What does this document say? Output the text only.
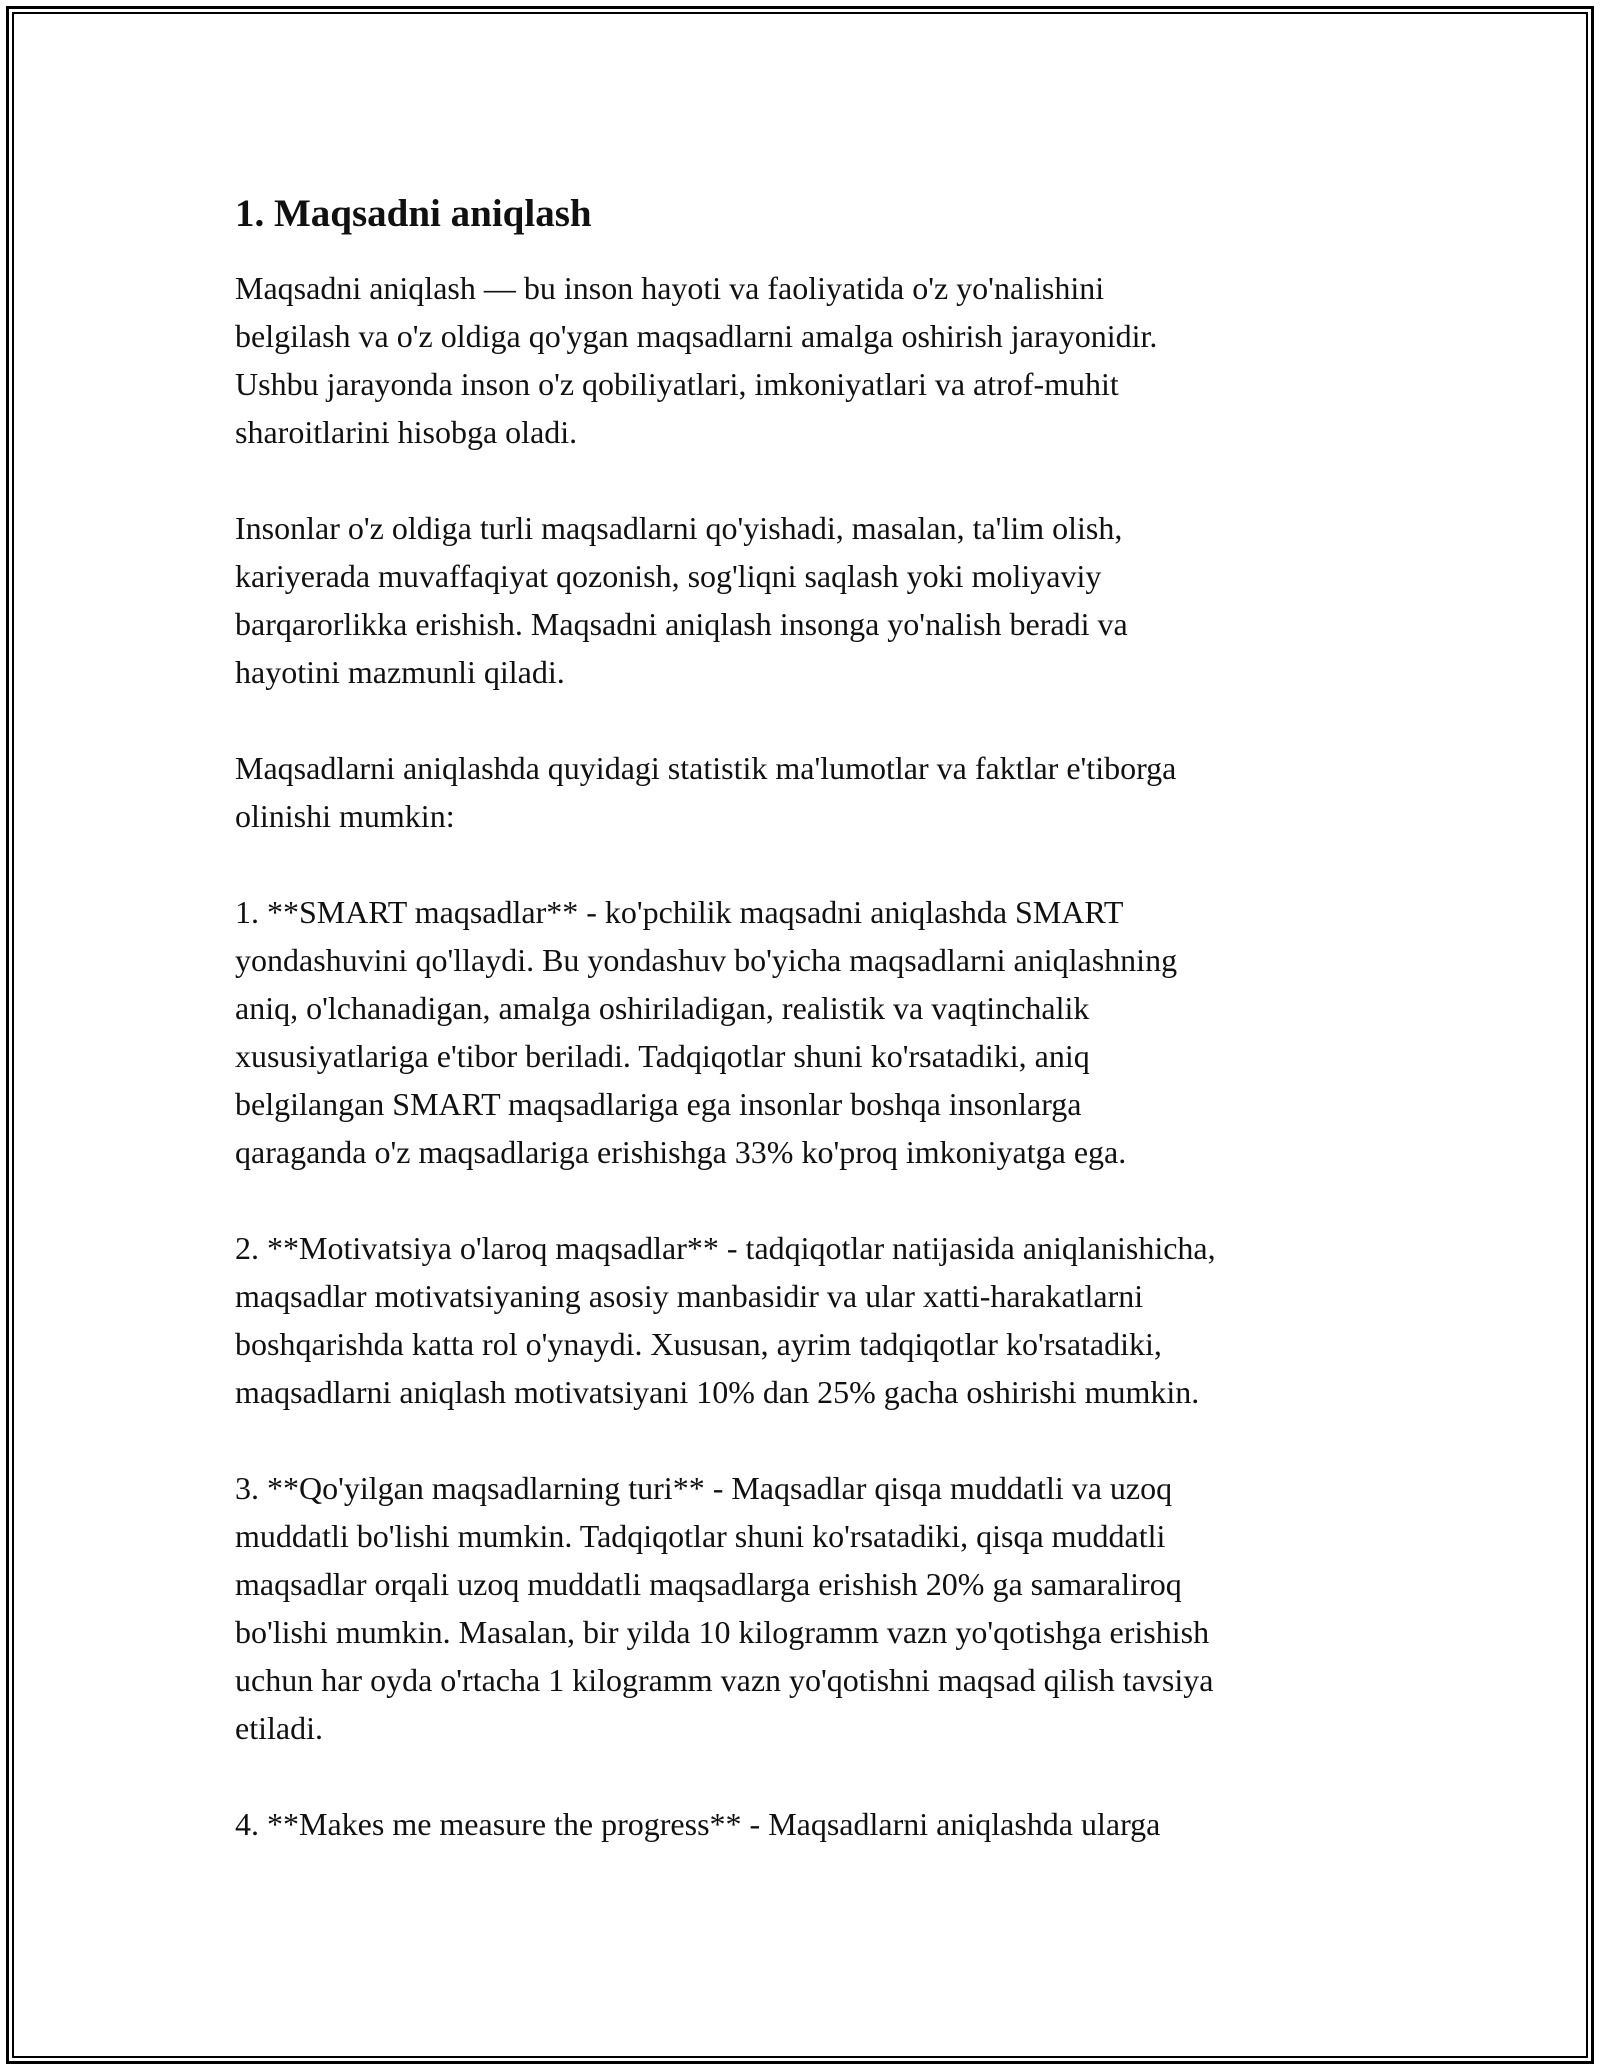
1. Maqsadni aniqlash

Maqsadni aniqlash — bu inson hayoti va faoliyatida o'z yo'nalishini
belgilash va o'z oldiga qo'ygan maqsadlarni amalga oshirish jarayonidir.
Ushbu jarayonda inson o'z qobiliyatlari, imkoniyatlari va atrof-muhit
sharoitlarini hisobga oladi.

Insonlar o'z oldiga turli maqsadlarni qo'yishadi, masalan, ta'lim olish,
kariyerada muvaffaqiyat qozonish, sog'liqni saqlash yoki moliyaviy
barqarorlikka erishish. Maqsadni aniqlash insonga yo'nalish beradi va
hayotini mazmunli qiladi.

Maqsadlarni aniqlashda quyidagi statistik ma'lumotlar va faktlar e'tiborga
olinishi mumkin:

1. **SMART maqsadlar** - ko'pchilik maqsadni aniqlashda SMART
yondashuvini qo'llaydi. Bu yondashuv bo'yicha maqsadlarni aniqlashning
aniq, o'lchanadigan, amalga oshiriladigan, realistik va vaqtinchalik
xususiyatlariga e'tibor beriladi. Tadqiqotlar shuni ko'rsatadiki, aniq
belgilangan SMART maqsadlariga ega insonlar boshqa insonlarga
qaraganda o'z maqsadlariga erishishga 33% ko'proq imkoniyatga ega.

2. **Motivatsiya o'laroq maqsadlar** - tadqiqotlar natijasida aniqlanishicha,
maqsadlar motivatsiyaning asosiy manbasidir va ular xatti-harakatlarni
boshqarishda katta rol o'ynaydi. Xususan, ayrim tadqiqotlar ko'rsatadiki,
maqsadlarni aniqlash motivatsiyani 10% dan 25% gacha oshirishi mumkin.

3. **Qo'yilgan maqsadlarning turi** - Maqsadlar qisqa muddatli va uzoq
muddatli bo'lishi mumkin. Tadqiqotlar shuni ko'rsatadiki, qisqa muddatli
maqsadlar orqali uzoq muddatli maqsadlarga erishish 20% ga samaraliroq
bo'lishi mumkin. Masalan, bir yilda 10 kilogramm vazn yo'qotishga erishish
uchun har oyda o'rtacha 1 kilogramm vazn yo'qotishni maqsad qilish tavsiya
etiladi.

4. **Makes me measure the progress** - Maqsadlarni aniqlashda ularga
